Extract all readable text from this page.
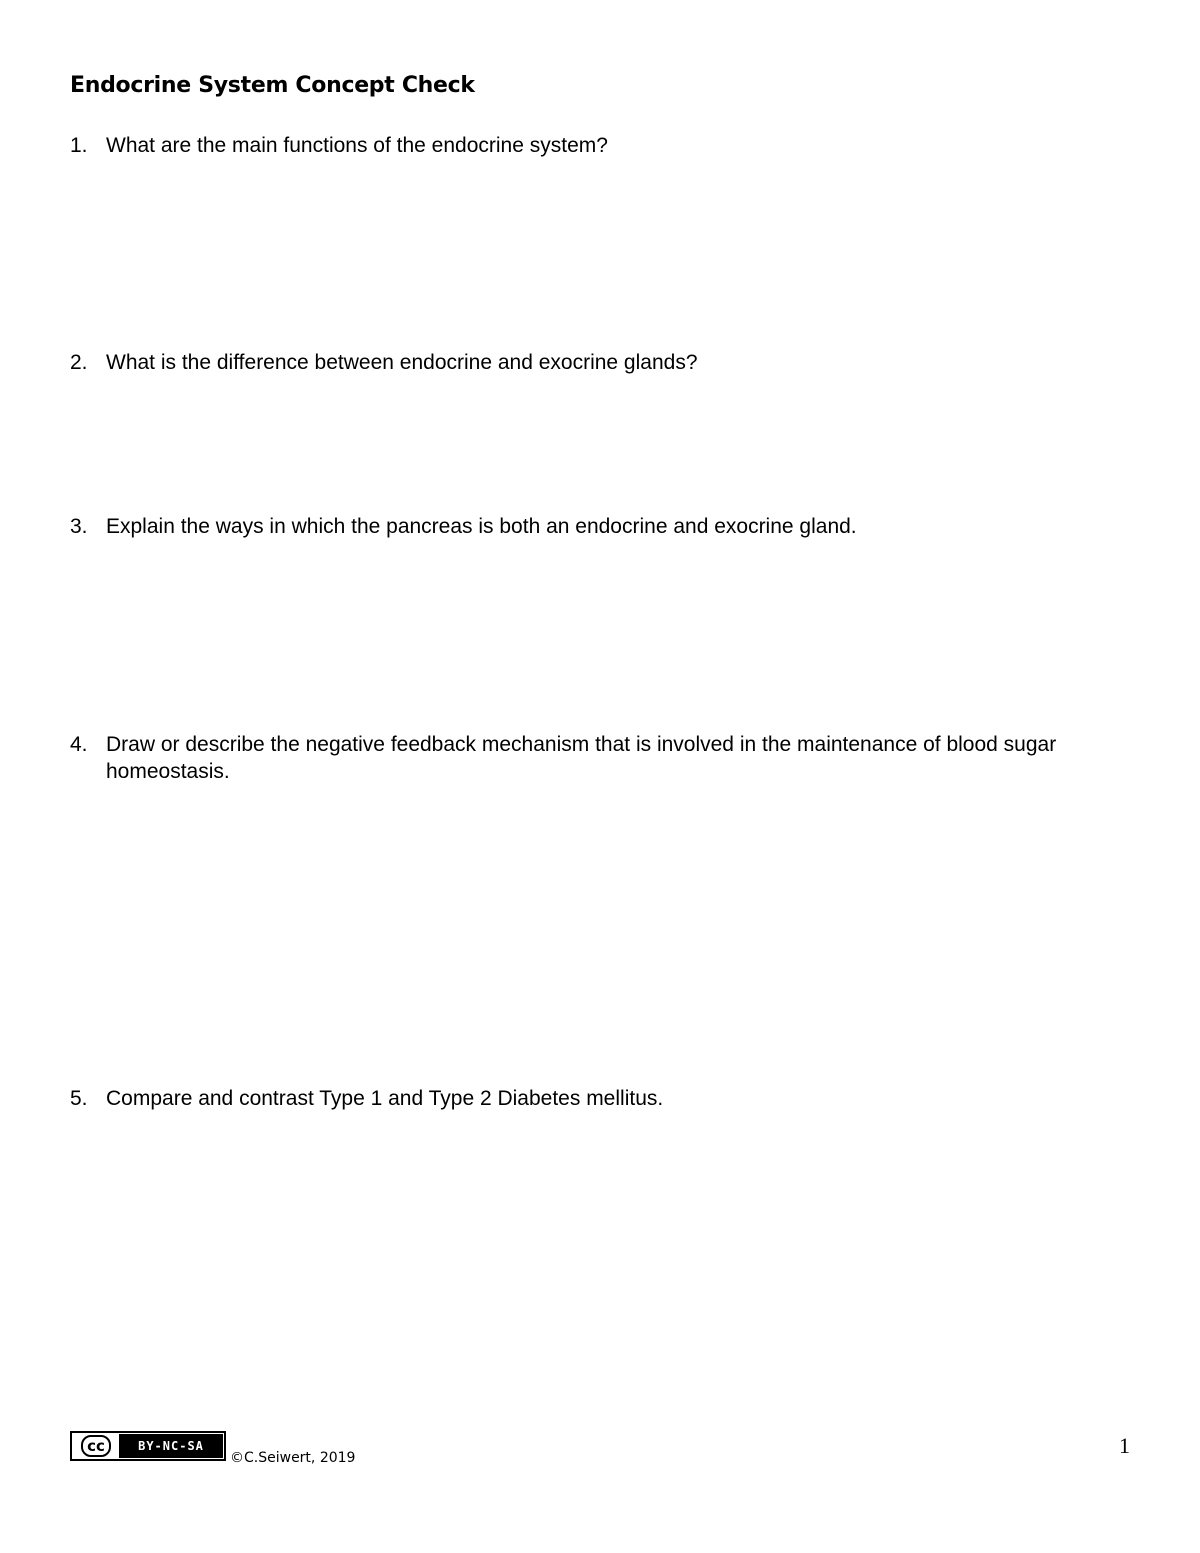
Endocrine System Concept Check
1. What are the main functions of the endocrine system?
2. What is the difference between endocrine and exocrine glands?
3. Explain the ways in which the pancreas is both an endocrine and exocrine gland.
4. Draw or describe the negative feedback mechanism that is involved in the maintenance of blood sugar homeostasis.
5. Compare and contrast Type 1 and Type 2 Diabetes mellitus.
cc	BY-NC-SA
©C.Seiwert, 2019	1
